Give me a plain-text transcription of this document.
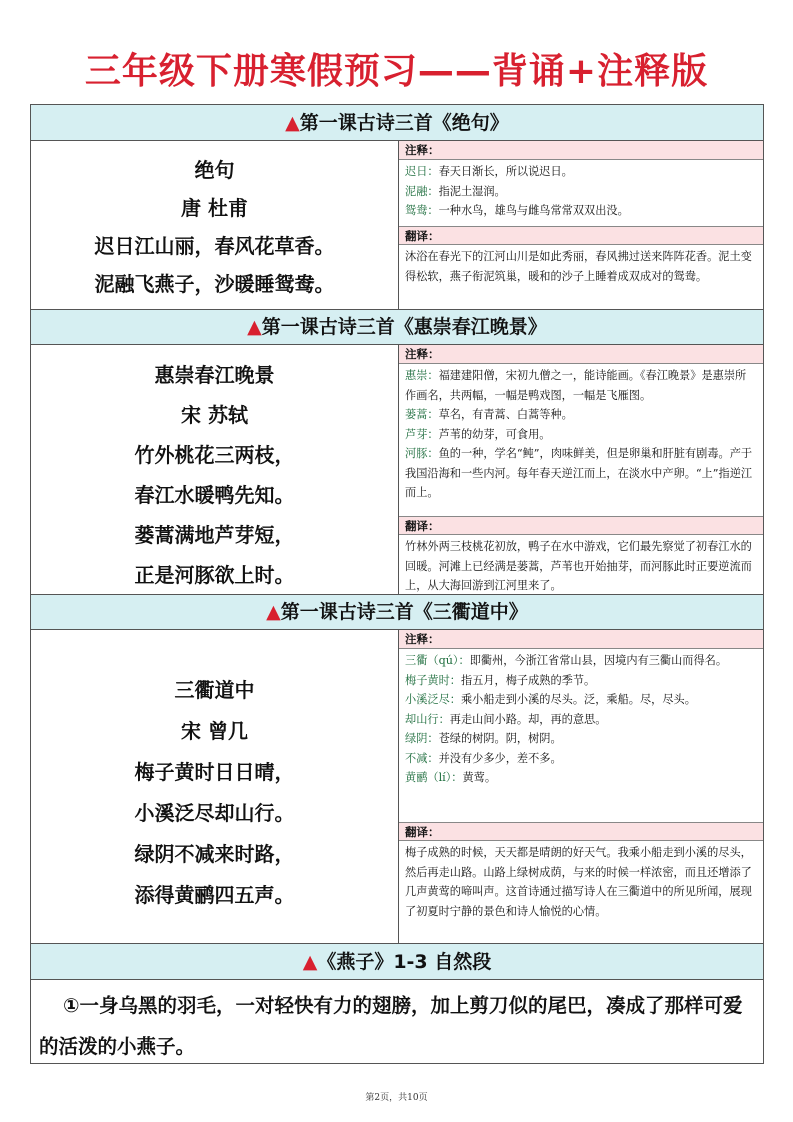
三年级下册寒假预习——背诵+注释版
▲第一课古诗三首《绝句》
绝句
唐 杜甫
迟日江山丽，春风花草香。
泥融飞燕子，沙暖睡鸳鸯。
注释：
迟日：春天日渐长，所以说迟日。
泥融：指泥土湿润。
鸳鸯：一种水鸟，雄鸟与雌鸟常常双双出没。
翻译：
沐浴在春光下的江河山川是如此秀丽，春风拂过送来阵阵花香。泥土变得松软，燕子衔泥筑巢，暖和的沙子上睡着成双成对的鸳鸯。
▲第一课古诗三首《惠崇春江晚景》
惠崇春江晚景
宋 苏轼
竹外桃花三两枝，
春江水暖鸭先知。
蒌蒿满地芦芽短，
正是河豚欲上时。
注释：
惠崇：福建建阳僧，宋初九僧之一，能诗能画。《春江晚景》是惠崇所作画名，共两幅，一幅是鸭戏图，一幅是飞雁图。
蒌蒿：草名，有青蒿、白蒿等种。
芦芽：芦苇的幼芽，可食用。
河豚：鱼的一种，学名“鲀”，肉味鲜美，但是卵巢和肝脏有剧毒。产于我国沿海和一些内河。每年春天逆江而上，在淡水中产卵。“上”指逆江而上。
翻译：
竹林外两三枝桃花初放，鸭子在水中游戏，它们最先察觉了初春江水的回暖。河滩上已经满是蒌蒿，芦苇也开始抽芽，而河豚此时正要逆流而上，从大海回游到江河里来了。
▲第一课古诗三首《三衢道中》
三衢道中
宋 曾几
梅子黄时日日晴，
小溪泛尽却山行。
绿阴不减来时路，
添得黄鹂四五声。
注释：
三衢（qú）：即衢州，今浙江省常山县，因境内有三衢山而得名。
梅子黄时：指五月，梅子成熟的季节。
小溪泛尽：乘小船走到小溪的尽头。泛，乘船。尽，尽头。
却山行：再走山间小路。却，再的意思。
绿阴：苍绿的树阴。阴，树阴。
不减：并没有少多少，差不多。
黄鹂（lí）：黄莺。
翻译：
梅子成熟的时候，天天都是晴朗的好天气。我乘小船走到小溪的尽头，然后再走山路。山路上绿树成荫，与来的时候一样浓密，而且还增添了几声黄莺的啼叫声。这首诗通过描写诗人在三衢道中的所见所闻，展现了初夏时宁静的景色和诗人愉悦的心情。
▲《燕子》1-3 自然段
①一身乌黑的羽毛，一对轻快有力的翅膀，加上剪刀似的尾巴，凑成了那样可爱的活泼的小燕子。
第2页，共10页
